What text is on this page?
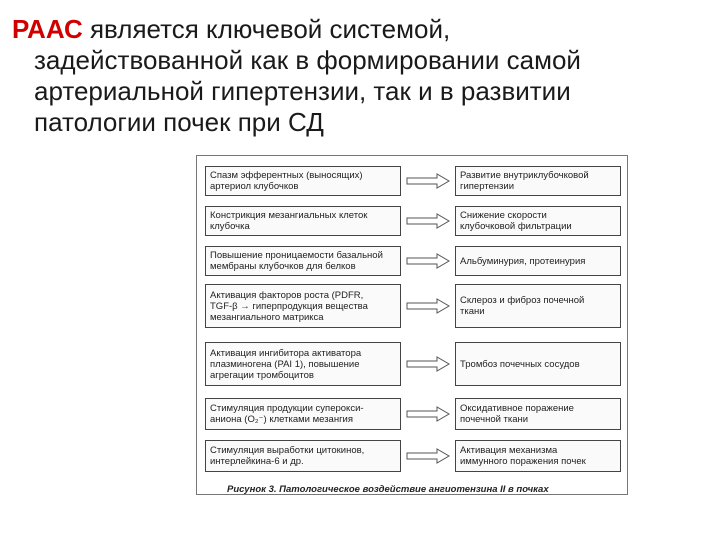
РААС является ключевой системой,
задействованной как в формировании самой
артериальной гипертензии, так и в развитии
патологии почек при СД
Спазм эфферентных (выносящих)
артериол клубочков
Развитие внутриклубочковой
гипертензии
Констрикция мезангиальных клеток
клубочка
Снижение скорости
клубочковой фильтрации
Повышение проницаемости базальной
мембраны клубочков для белков	Альбуминурия, протеинурия
Активация факторов роста (PDFR,
TGF-β → гиперпродукция вещества
мезангиального матрикса
Склероз и фиброз почечной
ткани
Активация ингибитора активатора
плазминогена (PAI 1), повышение
агрегации тромбоцитов
Тромбоз почечных сосудов
Стимуляция продукции суперокси-
анионa (O₂⁻) клетками мезангия
Оксидативное поражение
почечной ткани
Стимуляция выработки цитокинов,
интерлейкина-6 и др.
Активация механизма
иммунного поражения почек
Рисунок 3. Патологическое воздействие ангиотензина II в почках
